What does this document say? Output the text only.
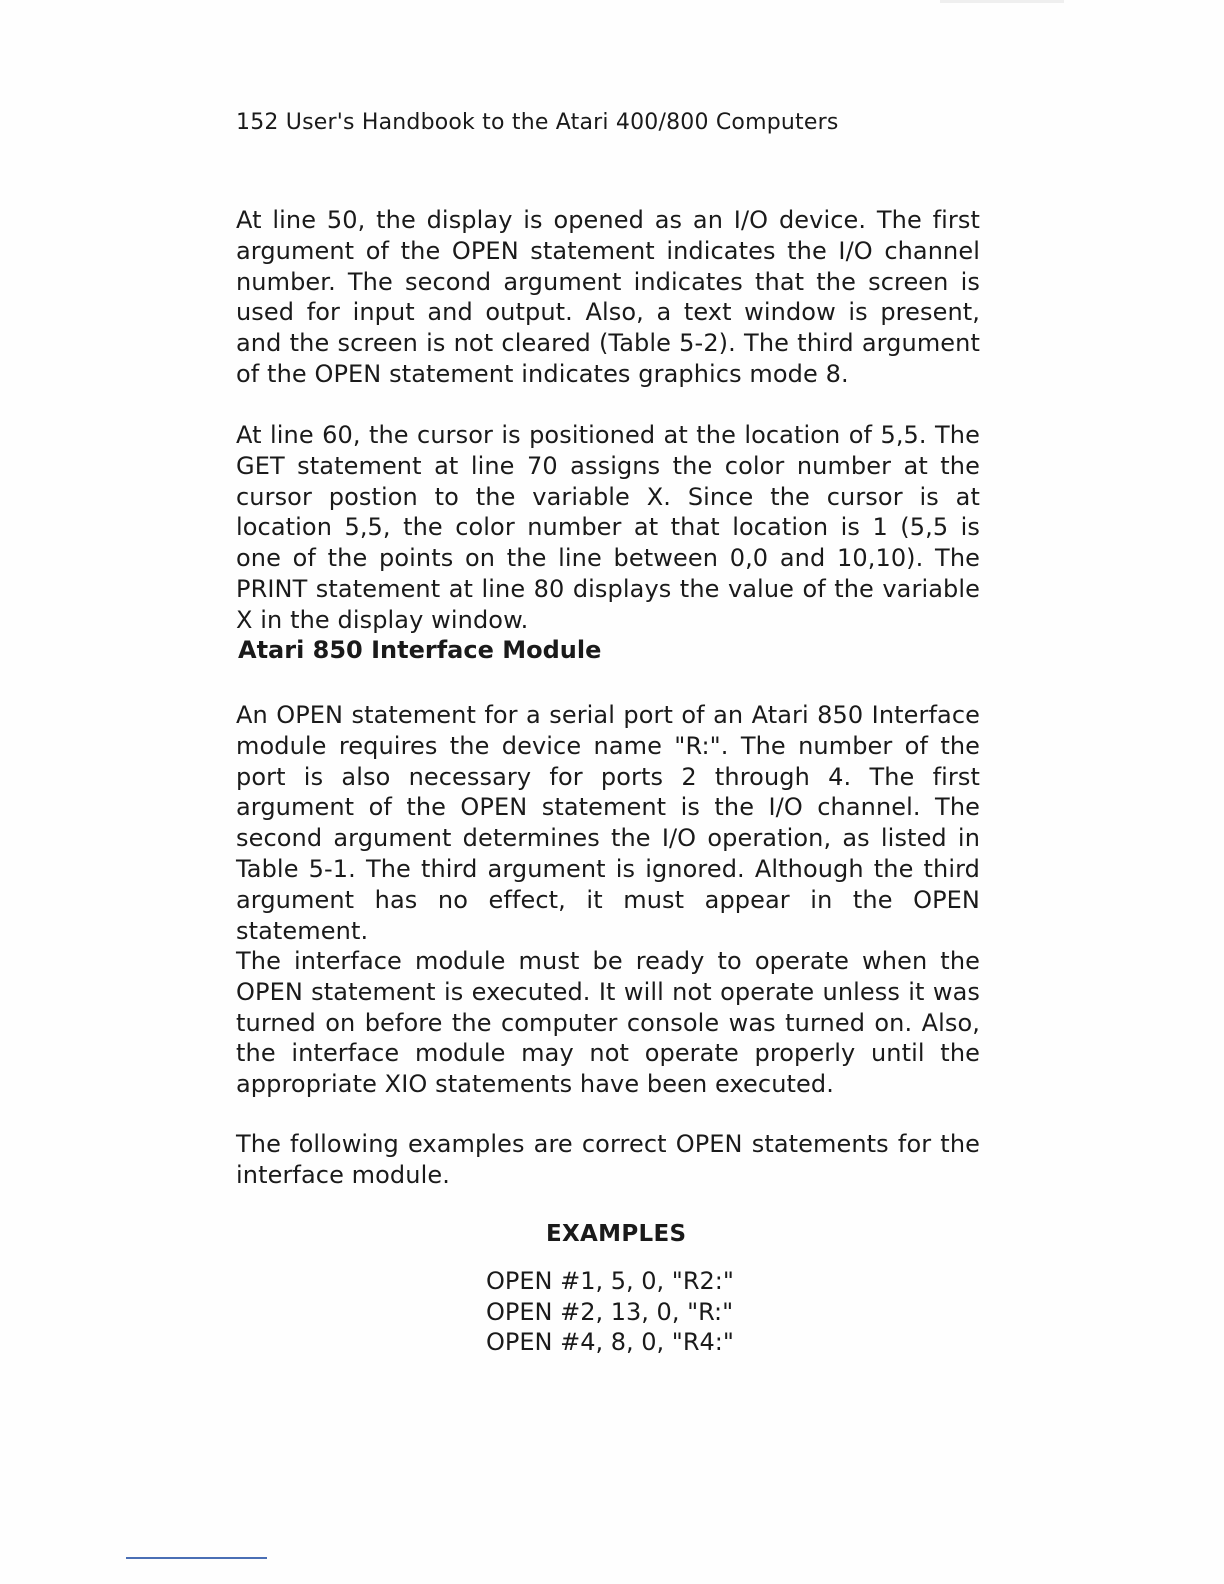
152 User's Handbook to the Atari 400/800 Computers

At line 50, the display is opened as an I/O device. The first argument of the OPEN statement indicates the I/O channel number. The second argument indicates that the screen is used for input and output. Also, a text window is present, and the screen is not cleared (Table 5-2). The third argument of the OPEN statement indicates graphics mode 8.

At line 60, the cursor is positioned at the location of 5,5. The GET statement at line 70 assigns the color number at the cursor postion to the variable X. Since the cursor is at location 5,5, the color number at that location is 1 (5,5 is one of the points on the line between 0,0 and 10,10). The PRINT statement at line 80 displays the value of the variable X in the display window.

Atari 850 Interface Module

An OPEN statement for a serial port of an Atari 850 Interface module requires the device name "R:". The number of the port is also necessary for ports 2 through 4. The first argument of the OPEN statement is the I/O channel. The second argument determines the I/O operation, as listed in Table 5-1. The third argument is ignored. Although the third argument has no effect, it must appear in the OPEN statement.

The interface module must be ready to operate when the OPEN statement is executed. It will not operate unless it was turned on before the computer console was turned on. Also, the interface module may not operate properly until the appropriate XIO statements have been executed.

The following examples are correct OPEN statements for the interface module.

EXAMPLES
OPEN #1, 5, 0, "R2:"
OPEN #2, 13, 0, "R:"
OPEN #4, 8, 0, "R4:"
